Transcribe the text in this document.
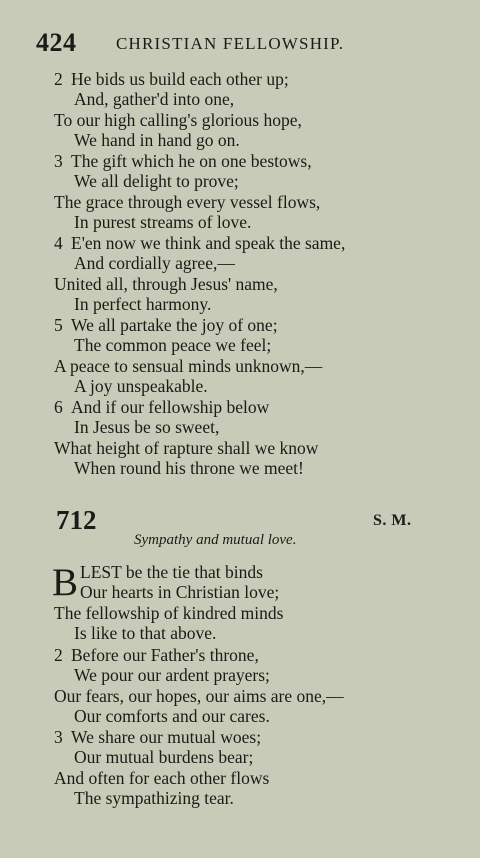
424 CHRISTIAN FELLOWSHIP.
2 He bids us build each other up;
And, gather'd into one,
To our high calling's glorious hope,
We hand in hand go on.
3 The gift which he on one bestows,
We all delight to prove;
The grace through every vessel flows,
In purest streams of love.
4 E'en now we think and speak the same,
And cordially agree,—
United all, through Jesus' name,
In perfect harmony.
5 We all partake the joy of one;
The common peace we feel;
A peace to sensual minds unknown,—
A joy unspeakable.
6 And if our fellowship below
In Jesus be so sweet,
What height of rapture shall we know
When round his throne we meet!
712	S. M.
Sympathy and mutual love.
B LEST be the tie that binds
Our hearts in Christian love;
The fellowship of kindred minds
Is like to that above.
2 Before our Father's throne,
We pour our ardent prayers;
Our fears, our hopes, our aims are one,—
Our comforts and our cares.
3 We share our mutual woes;
Our mutual burdens bear;
And often for each other flows
The sympathizing tear.
